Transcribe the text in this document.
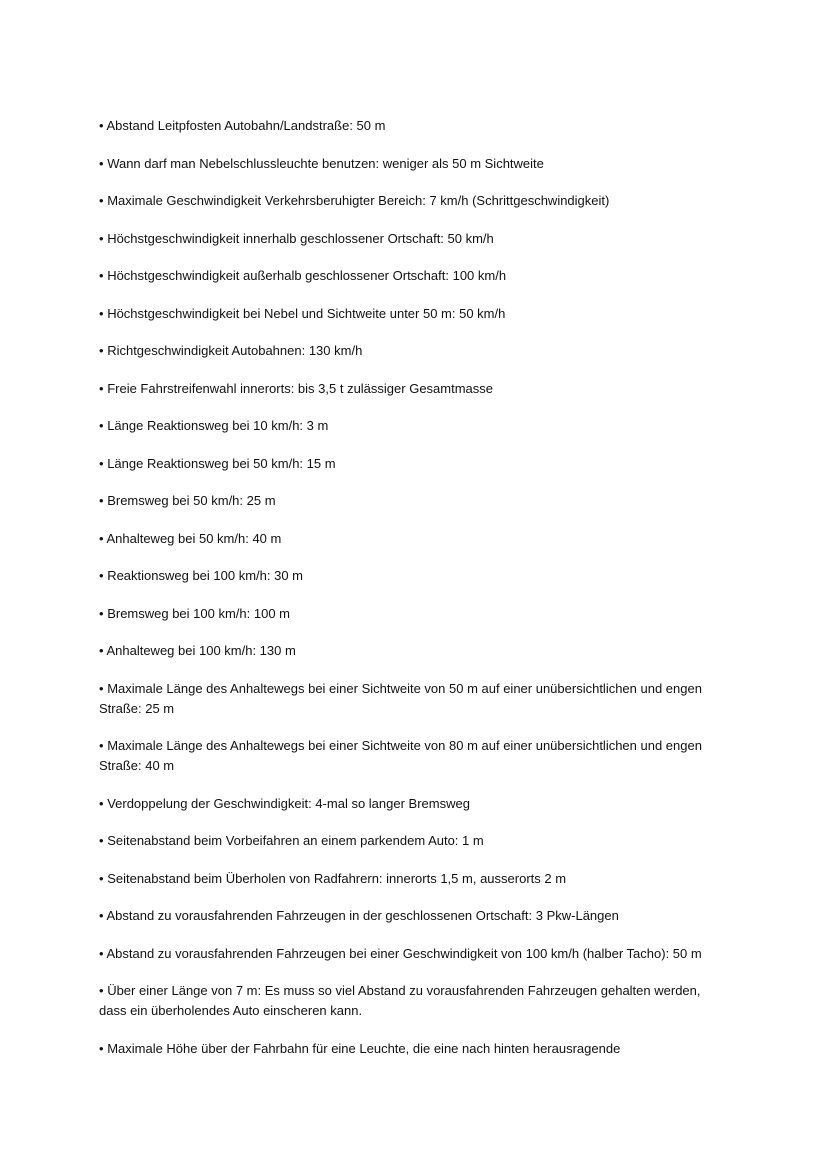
• Abstand Leitpfosten Autobahn/Landstraße: 50 m
• Wann darf man Nebelschlussleuchte benutzen: weniger als 50 m Sichtweite
• Maximale Geschwindigkeit Verkehrsberuhigter Bereich: 7 km/h (Schrittgeschwindigkeit)
• Höchstgeschwindigkeit innerhalb geschlossener Ortschaft: 50 km/h
• Höchstgeschwindigkeit außerhalb geschlossener Ortschaft: 100 km/h
• Höchstgeschwindigkeit bei Nebel und Sichtweite unter 50 m: 50 km/h
• Richtgeschwindigkeit Autobahnen: 130 km/h
• Freie Fahrstreifenwahl innerorts: bis 3,5 t zulässiger Gesamtmasse
• Länge Reaktionsweg bei 10 km/h: 3 m
• Länge Reaktionsweg bei 50 km/h: 15 m
• Bremsweg bei 50 km/h: 25 m
• Anhalteweg bei 50 km/h: 40 m
• Reaktionsweg bei 100 km/h: 30 m
• Bremsweg bei 100 km/h: 100 m
• Anhalteweg bei 100 km/h: 130 m
• Maximale Länge des Anhaltewegs bei einer Sichtweite von 50 m auf einer unübersichtlichen und engen Straße: 25 m
• Maximale Länge des Anhaltewegs bei einer Sichtweite von 80 m auf einer unübersichtlichen und engen Straße: 40 m
• Verdoppelung der Geschwindigkeit: 4-mal so langer Bremsweg
• Seitenabstand beim Vorbeifahren an einem parkendem Auto: 1 m
• Seitenabstand beim Überholen von Radfahrern: innerorts 1,5 m, ausserorts 2 m
• Abstand zu vorausfahrenden Fahrzeugen in der geschlossenen Ortschaft: 3 Pkw-Längen
• Abstand zu vorausfahrenden Fahrzeugen bei einer Geschwindigkeit von 100 km/h (halber Tacho): 50 m
• Über einer Länge von 7 m: Es muss so viel Abstand zu vorausfahrenden Fahrzeugen gehalten werden, dass ein überholendes Auto einscheren kann.
• Maximale Höhe über der Fahrbahn für eine Leuchte, die eine nach hinten herausragende
